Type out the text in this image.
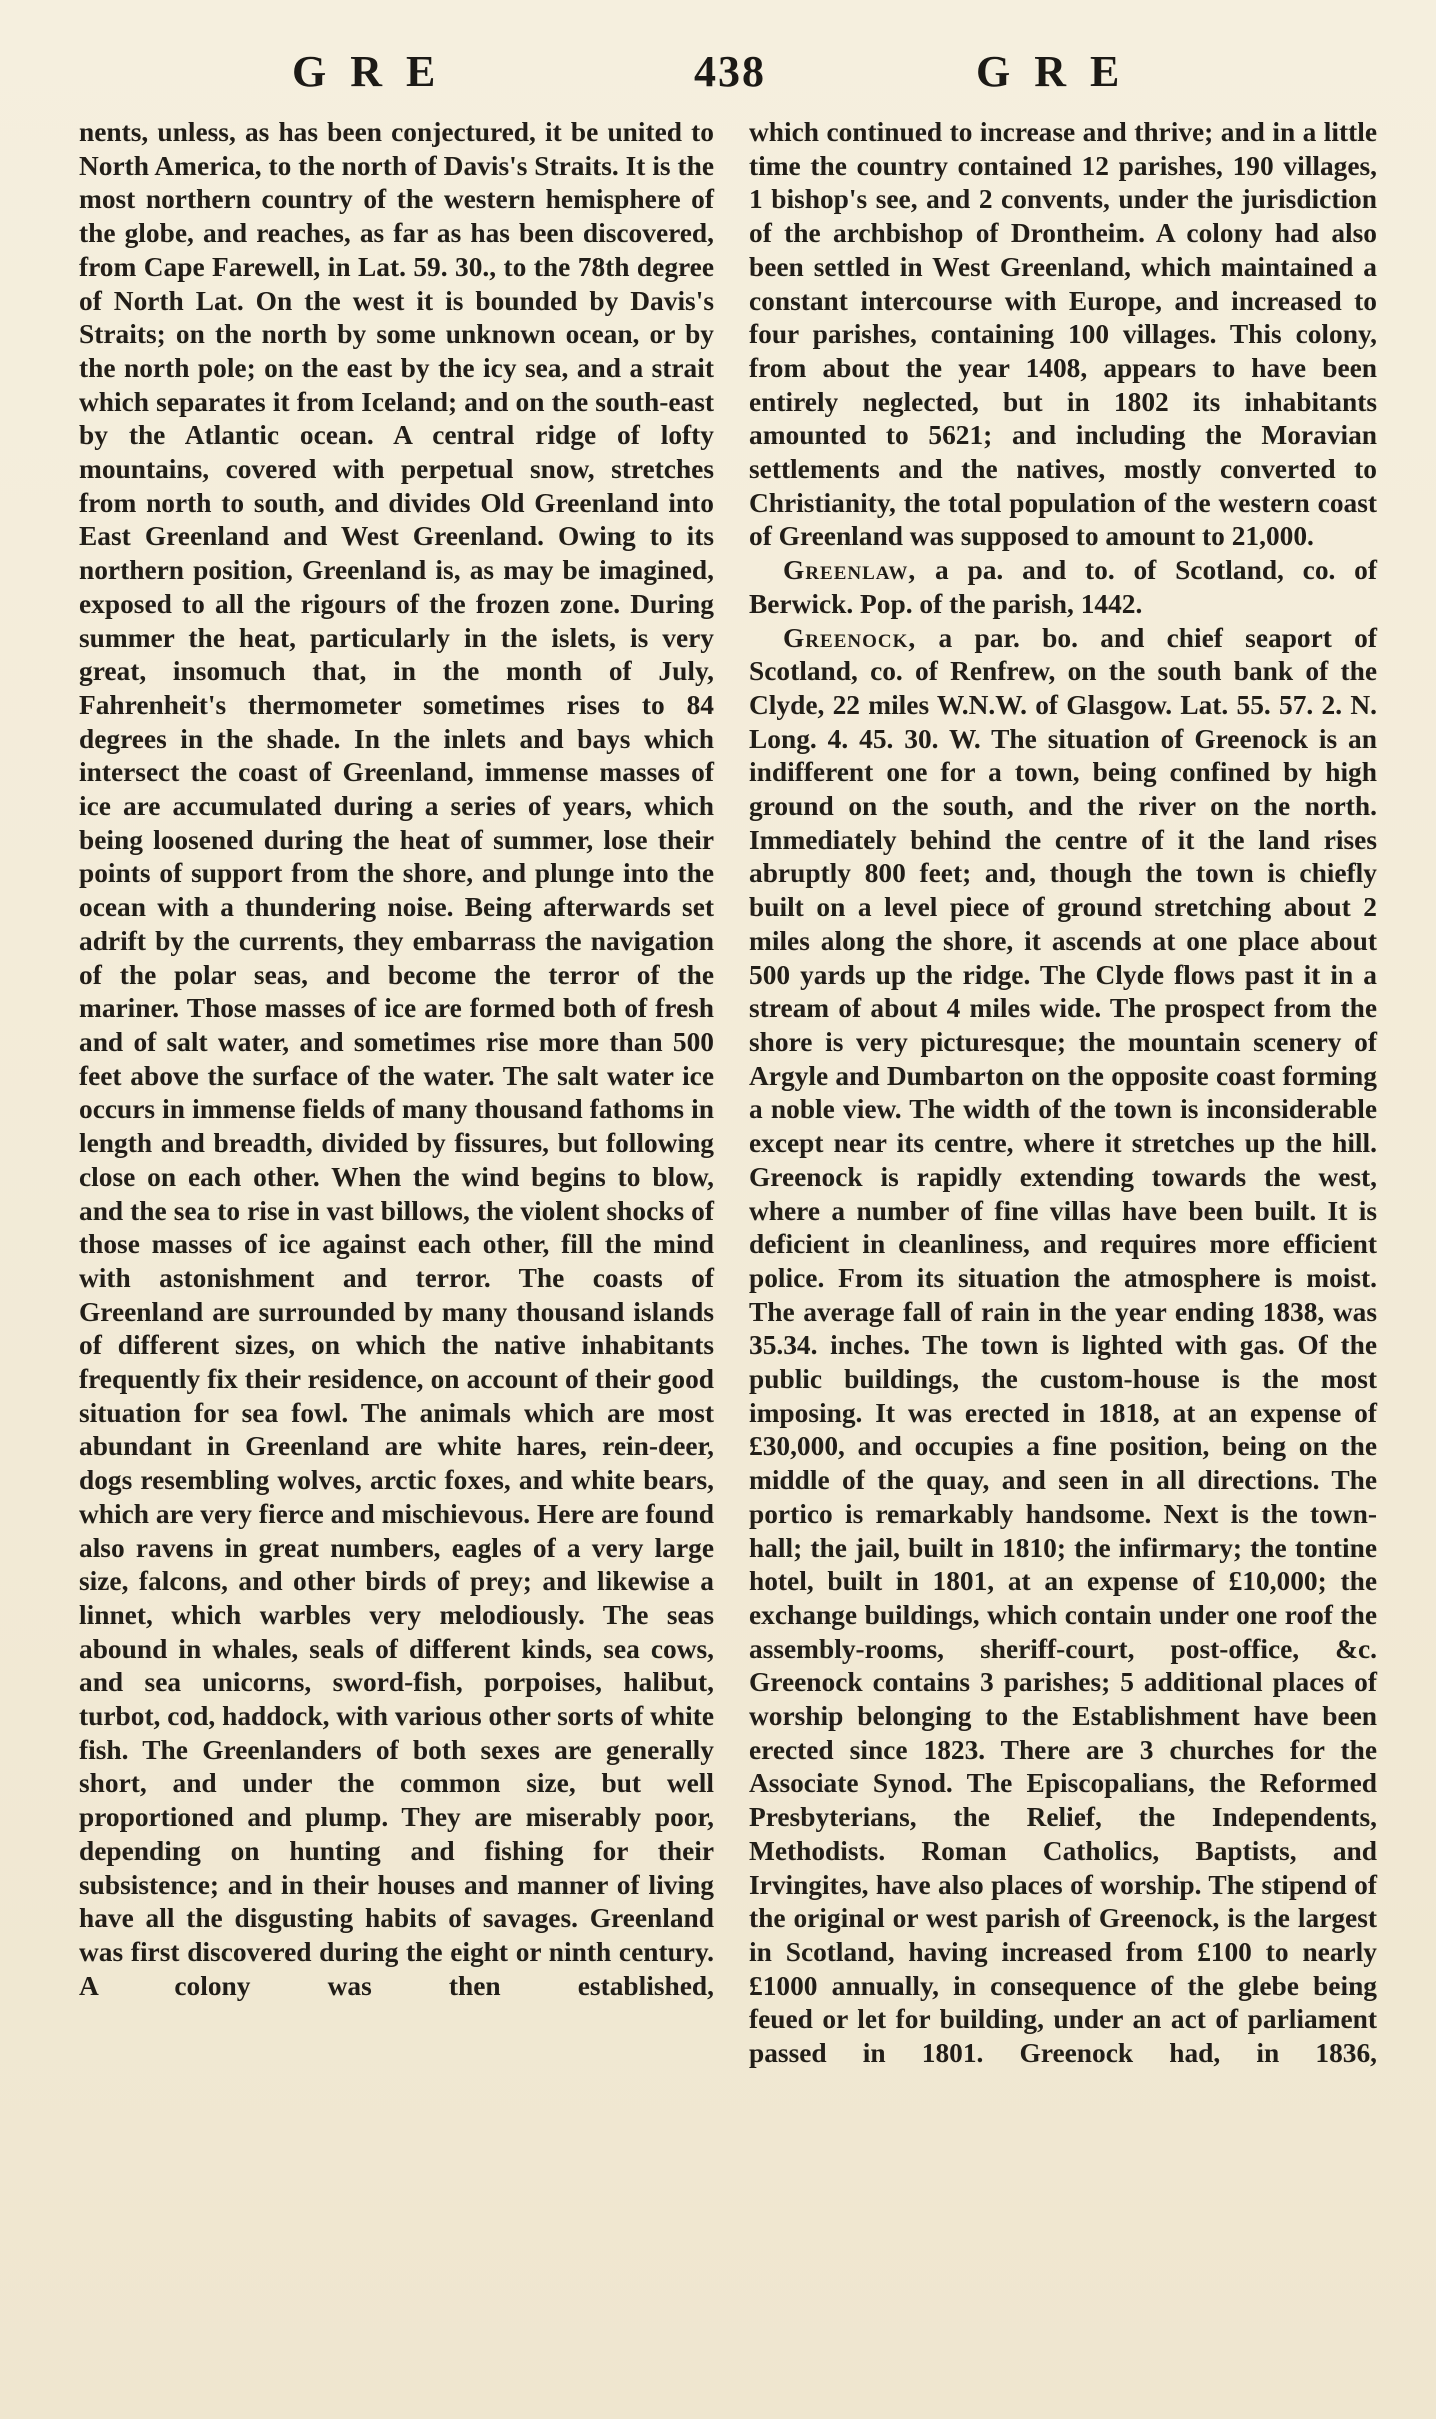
GRE	438	GRE

nents, unless, as has been conjectured, it be united to North America, to the north of Davis's Straits. It is the most northern country of the western hemisphere of the globe, and reaches, as far as has been discovered, from Cape Farewell, in Lat. 59. 30., to the 78th degree of North Lat. On the west it is bounded by Davis's Straits; on the north by some unknown ocean, or by the north pole; on the east by the icy sea, and a strait which separates it from Iceland; and on the south-east by the Atlantic ocean. A central ridge of lofty mountains, covered with perpetual snow, stretches from north to south, and divides Old Greenland into East Greenland and West Greenland. Owing to its northern position, Greenland is, as may be imagined, exposed to all the rigours of the frozen zone. During summer the heat, particularly in the islets, is very great, insomuch that, in the month of July, Fahrenheit's thermometer sometimes rises to 84 degrees in the shade. In the inlets and bays which intersect the coast of Greenland, immense masses of ice are accumulated during a series of years, which being loosened during the heat of summer, lose their points of support from the shore, and plunge into the ocean with a thundering noise. Being afterwards set adrift by the currents, they embarrass the navigation of the polar seas, and become the terror of the mariner. Those masses of ice are formed both of fresh and of salt water, and sometimes rise more than 500 feet above the surface of the water. The salt water ice occurs in immense fields of many thousand fathoms in length and breadth, divided by fissures, but following close on each other. When the wind begins to blow, and the sea to rise in vast billows, the violent shocks of those masses of ice against each other, fill the mind with astonishment and terror. The coasts of Greenland are surrounded by many thousand islands of different sizes, on which the native inhabitants frequently fix their residence, on account of their good situation for sea fowl. The animals which are most abundant in Greenland are white hares, rein-deer, dogs resembling wolves, arctic foxes, and white bears, which are very fierce and mischievous. Here are found also ravens in great numbers, eagles of a very large size, falcons, and other birds of prey; and likewise a linnet, which warbles very melodiously. The seas abound in whales, seals of different kinds, sea cows, and sea unicorns, sword-fish, porpoises, halibut, turbot, cod, haddock, with various other sorts of white fish. The Greenlanders of both sexes are generally short, and under the common size, but well proportioned and plump. They are miserably poor, depending on hunting and fishing for their subsistence; and in their houses and manner of living have all the disgusting habits of savages. Greenland was first discovered during the eight or ninth century. A colony was then established,

which continued to increase and thrive; and in a little time the country contained 12 parishes, 190 villages, 1 bishop's see, and 2 convents, under the jurisdiction of the archbishop of Drontheim. A colony had also been settled in West Greenland, which maintained a constant intercourse with Europe, and increased to four parishes, containing 100 villages. This colony, from about the year 1408, appears to have been entirely neglected, but in 1802 its inhabitants amounted to 5621; and including the Moravian settlements and the natives, mostly converted to Christianity, the total population of the western coast of Greenland was supposed to amount to 21,000.

Greenlaw, a pa. and to. of Scotland, co. of Berwick. Pop. of the parish, 1442.

Greenock, a par. bo. and chief seaport of Scotland, co. of Renfrew, on the south bank of the Clyde, 22 miles W.N.W. of Glasgow. Lat. 55. 57. 2. N. Long. 4. 45. 30. W. The situation of Greenock is an indifferent one for a town, being confined by high ground on the south, and the river on the north. Immediately behind the centre of it the land rises abruptly 800 feet; and, though the town is chiefly built on a level piece of ground stretching about 2 miles along the shore, it ascends at one place about 500 yards up the ridge. The Clyde flows past it in a stream of about 4 miles wide. The prospect from the shore is very picturesque; the mountain scenery of Argyle and Dumbarton on the opposite coast forming a noble view. The width of the town is inconsiderable except near its centre, where it stretches up the hill. Greenock is rapidly extending towards the west, where a number of fine villas have been built. It is deficient in cleanliness, and requires more efficient police. From its situation the atmosphere is moist. The average fall of rain in the year ending 1838, was 35.34. inches. The town is lighted with gas. Of the public buildings, the custom-house is the most imposing. It was erected in 1818, at an expense of £30,000, and occupies a fine position, being on the middle of the quay, and seen in all directions. The portico is remarkably handsome. Next is the town-hall; the jail, built in 1810; the infirmary; the tontine hotel, built in 1801, at an expense of £10,000; the exchange buildings, which contain under one roof the assembly-rooms, sheriff-court, post-office, &c. Greenock contains 3 parishes; 5 additional places of worship belonging to the Establishment have been erected since 1823. There are 3 churches for the Associate Synod. The Episcopalians, the Reformed Presbyterians, the Relief, the Independents, Methodists. Roman Catholics, Baptists, and Irvingites, have also places of worship. The stipend of the original or west parish of Greenock, is the largest in Scotland, having increased from £100 to nearly £1000 annually, in consequence of the glebe being feued or let for building, under an act of parliament passed in 1801. Greenock had, in 1836,
